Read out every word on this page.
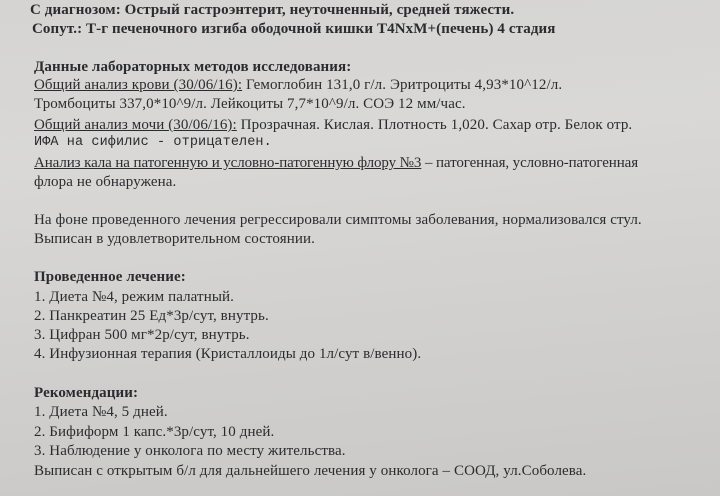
С диагнозом: Острый гастроэнтерит, неуточненный, средней тяжести.
Сопут.: Т-г печеночного изгиба ободочной кишки T4NxM+(печень) 4 стадия
Данные лабораторных методов исследования:
Общий анализ крови (30/06/16): Гемоглобин 131,0 г/л. Эритроциты 4,93*10^12/л.
Тромбоциты 337,0*10^9/л. Лейкоциты 7,7*10^9/л. СОЭ 12 мм/час.
Общий анализ мочи (30/06/16): Прозрачная. Кислая. Плотность 1,020. Сахар отр. Белок отр.
ИФА на сифилис - отрицателен.
Анализ кала на патогенную и условно-патогенную флору №3 – патогенная, условно-патогенная
флора не обнаружена.
На фоне проведенного лечения регрессировали симптомы заболевания, нормализовался стул.
Выписан в удовлетворительном состоянии.
Проведенное лечение:
1. Диета №4, режим палатный.
2. Панкреатин 25 Ед*3р/сут, внутрь.
3. Цифран 500 мг*2р/сут, внутрь.
4. Инфузионная терапия (Кристаллоиды до 1л/сут в/венно).
Рекомендации:
1. Диета №4, 5 дней.
2. Бифиформ 1 капс.*3р/сут, 10 дней.
3. Наблюдение у онколога по месту жительства.
Выписан с открытым б/л для дальнейшего лечения у онколога – СООД, ул.Соболева.
